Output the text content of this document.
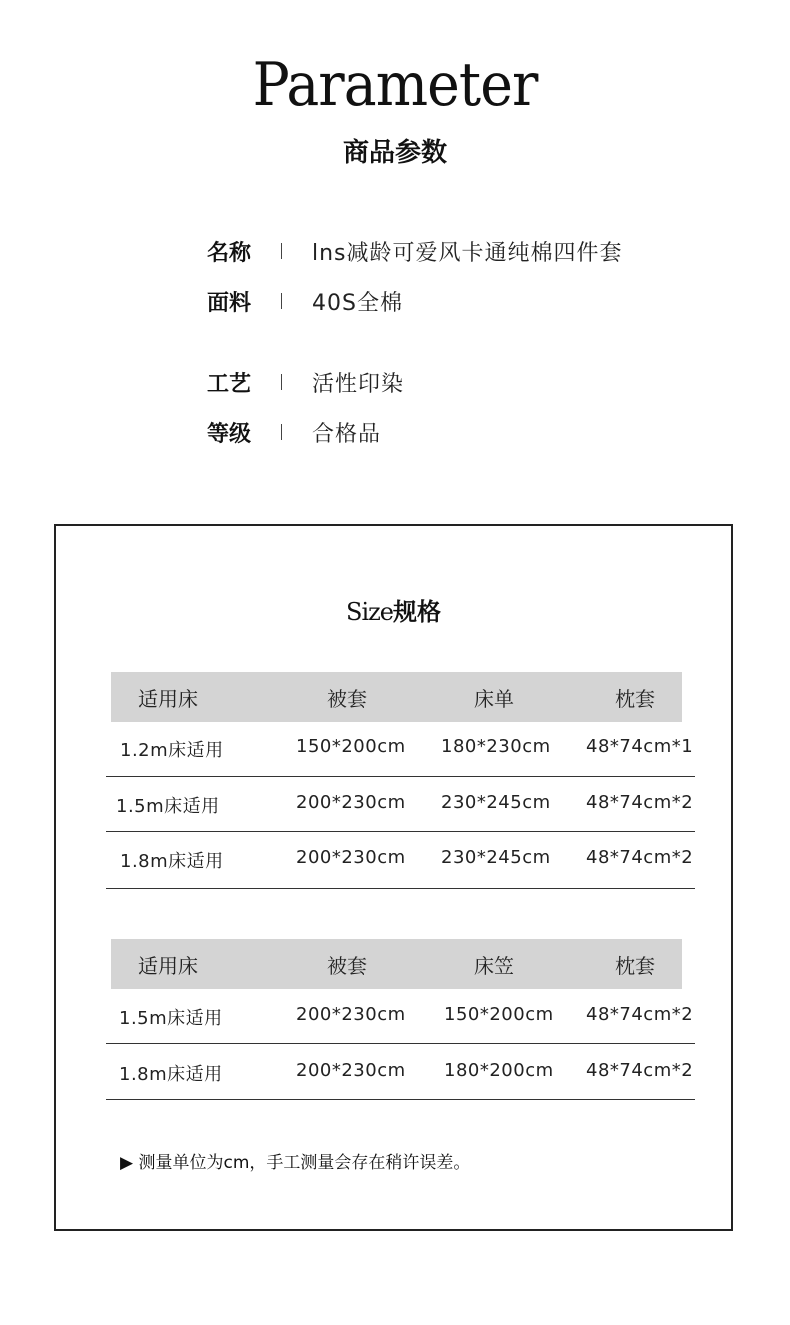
Parameter
商品参数
名称	lns减龄可爱风卡通纯棉四件套
面料	40S全棉
工艺	活性印染
等级	合格品
Size规格
适用床	被套	床单	枕套
1.2m床适用	150*200cm 180*230cm 48*74cm*1
1.5m床适用	200*230cm 230*245cm 48*74cm*2
1.8m床适用	200*230cm 230*245cm 48*74cm*2
适用床	被套	床笠	枕套
1.5m床适用	200*230cm 150*200cm 48*74cm*2
1.8m床适用	200*230cm 180*200cm 48*74cm*2
▶ 测量单位为cm，手工测量会存在稍许误差。
